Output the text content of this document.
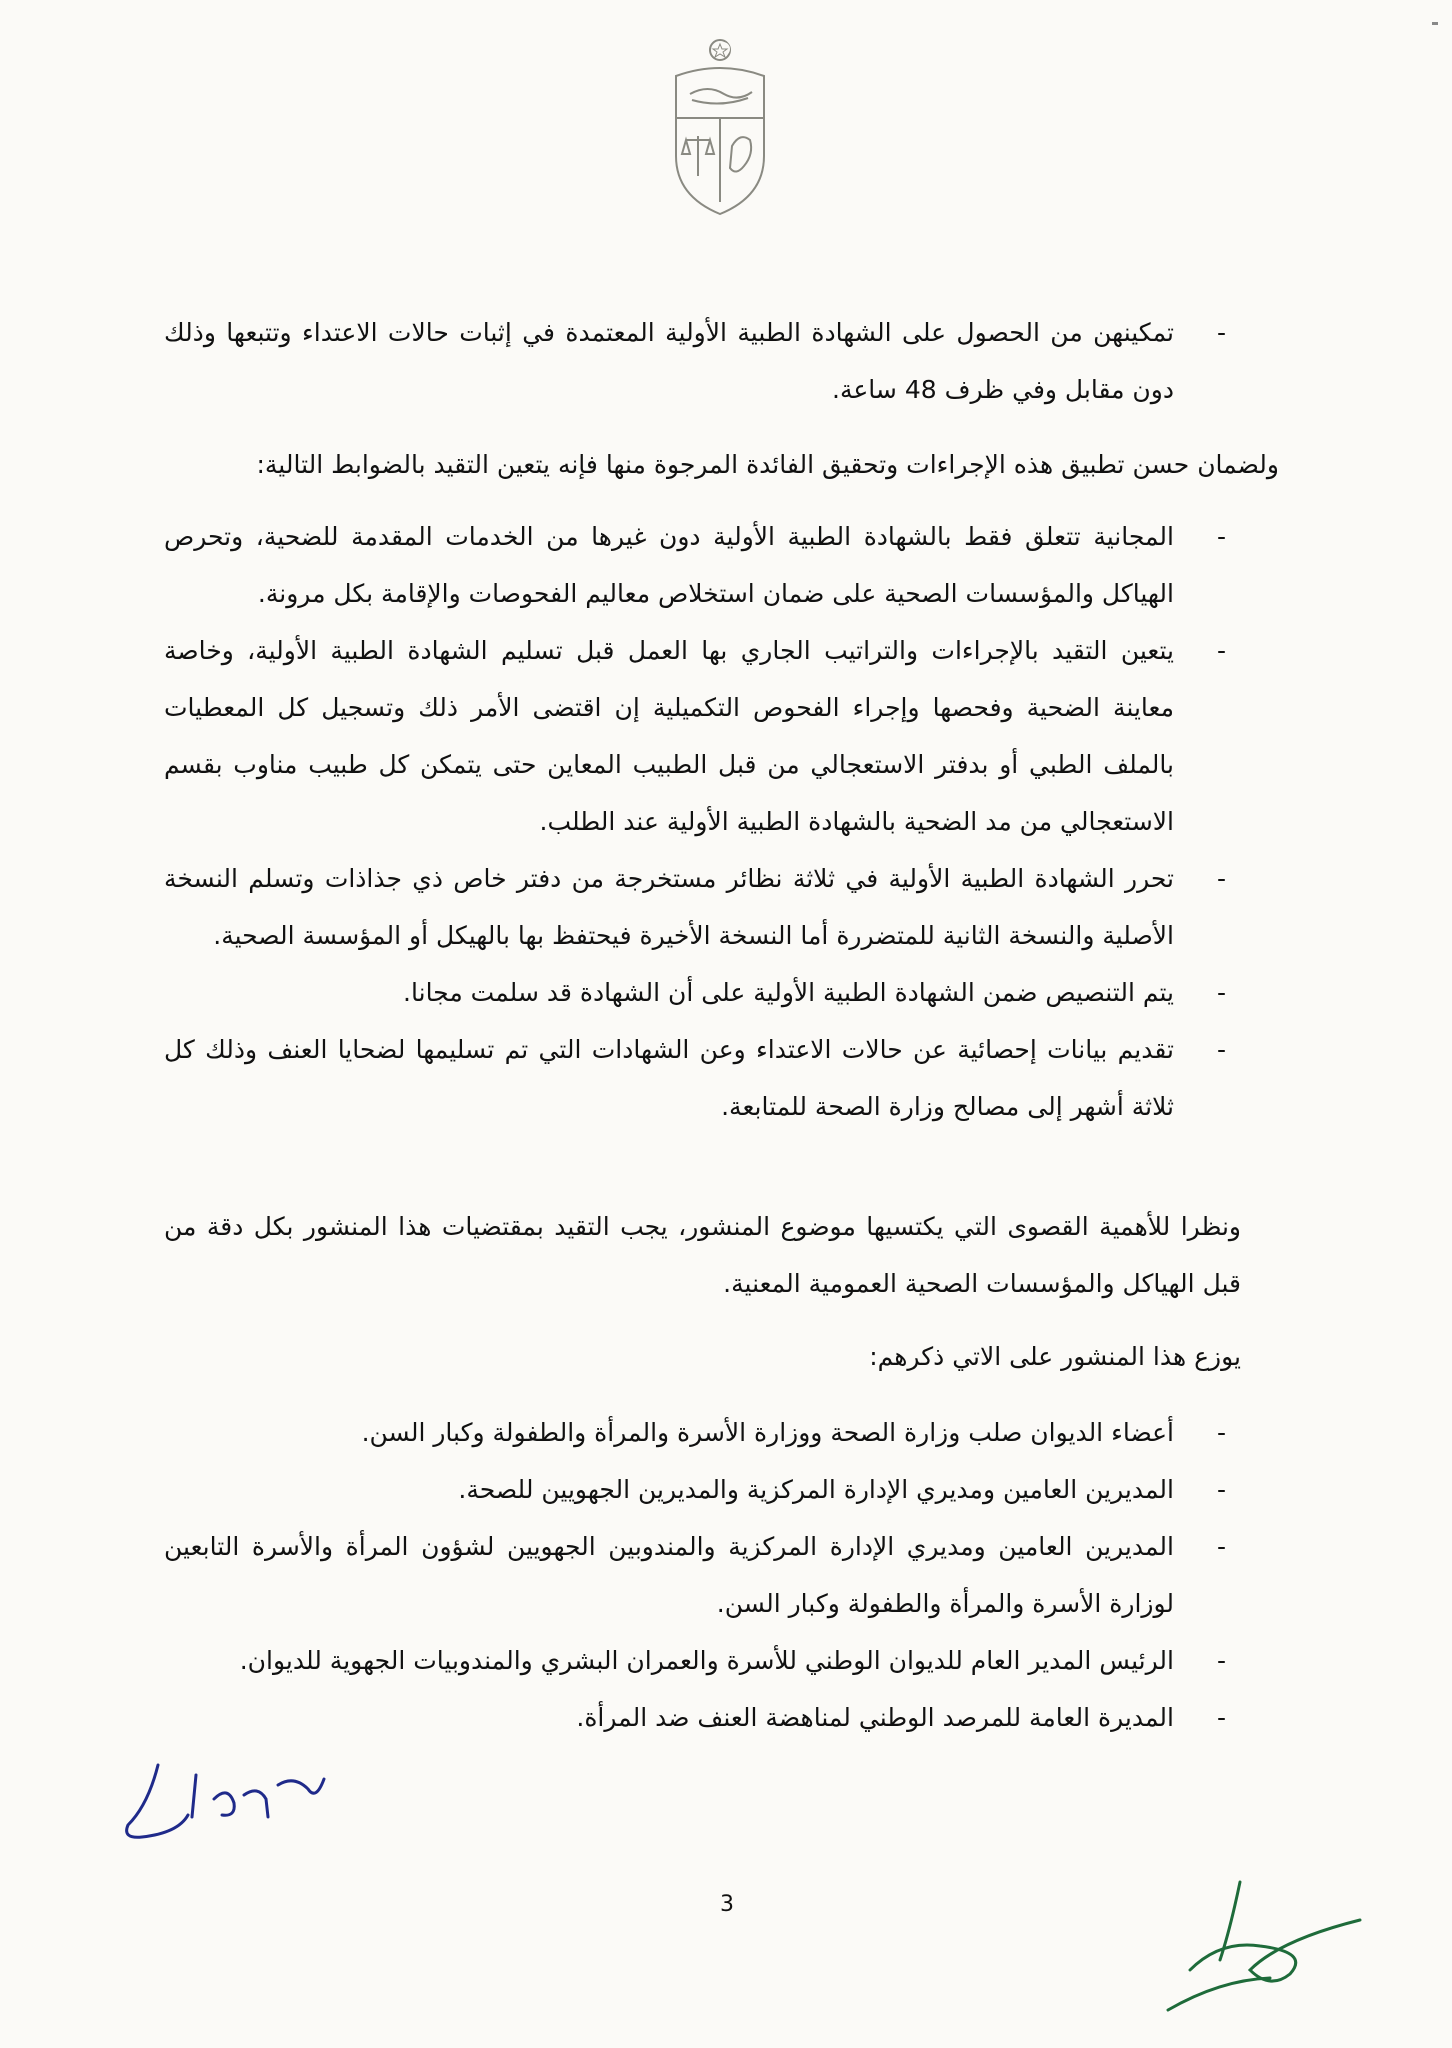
-
تمكينهن من الحصول على الشهادة الطبية الأولية المعتمدة في إثبات حالات الاعتداء وتتبعها وذلك دون مقابل وفي ظرف 48 ساعة.

ولضمان حسن تطبيق هذه الإجراءات وتحقيق الفائدة المرجوة منها فإنه يتعين التقيد بالضوابط التالية:

-
المجانية تتعلق فقط بالشهادة الطبية الأولية دون غيرها من الخدمات المقدمة للضحية، وتحرص الهياكل والمؤسسات الصحية على ضمان استخلاص معاليم الفحوصات والإقامة بكل مرونة.
-
يتعين التقيد بالإجراءات والتراتيب الجاري بها العمل قبل تسليم الشهادة الطبية الأولية، وخاصة معاينة الضحية وفحصها وإجراء الفحوص التكميلية إن اقتضى الأمر ذلك وتسجيل كل المعطيات بالملف الطبي أو بدفتر الاستعجالي من قبل الطبيب المعاين حتى يتمكن كل طبيب مناوب بقسم الاستعجالي من مد الضحية بالشهادة الطبية الأولية عند الطلب.
-
تحرر الشهادة الطبية الأولية في ثلاثة نظائر مستخرجة من دفتر خاص ذي جذاذات وتسلم النسخة الأصلية والنسخة الثانية للمتضررة أما النسخة الأخيرة فيحتفظ بها بالهيكل أو المؤسسة الصحية.
-
يتم التنصيص ضمن الشهادة الطبية الأولية على أن الشهادة قد سلمت مجانا.
-
تقديم بيانات إحصائية عن حالات الاعتداء وعن الشهادات التي تم تسليمها لضحايا العنف وذلك كل ثلاثة أشهر إلى مصالح وزارة الصحة للمتابعة.

ونظرا للأهمية القصوى التي يكتسيها موضوع المنشور، يجب التقيد بمقتضيات هذا المنشور بكل دقة من قبل الهياكل والمؤسسات الصحية العمومية المعنية.

يوزع هذا المنشور على الاتي ذكرهم:

-
أعضاء الديوان صلب وزارة الصحة ووزارة الأسرة والمرأة والطفولة وكبار السن.
-
المديرين العامين ومديري الإدارة المركزية والمديرين الجهويين للصحة.
-
المديرين العامين ومديري الإدارة المركزية والمندوبين الجهويين لشؤون المرأة والأسرة التابعين لوزارة الأسرة والمرأة والطفولة وكبار السن.
-
الرئيس المدير العام للديوان الوطني للأسرة والعمران البشري والمندوبيات الجهوية للديوان.
-
المديرة العامة للمرصد الوطني لمناهضة العنف ضد المرأة.
3
